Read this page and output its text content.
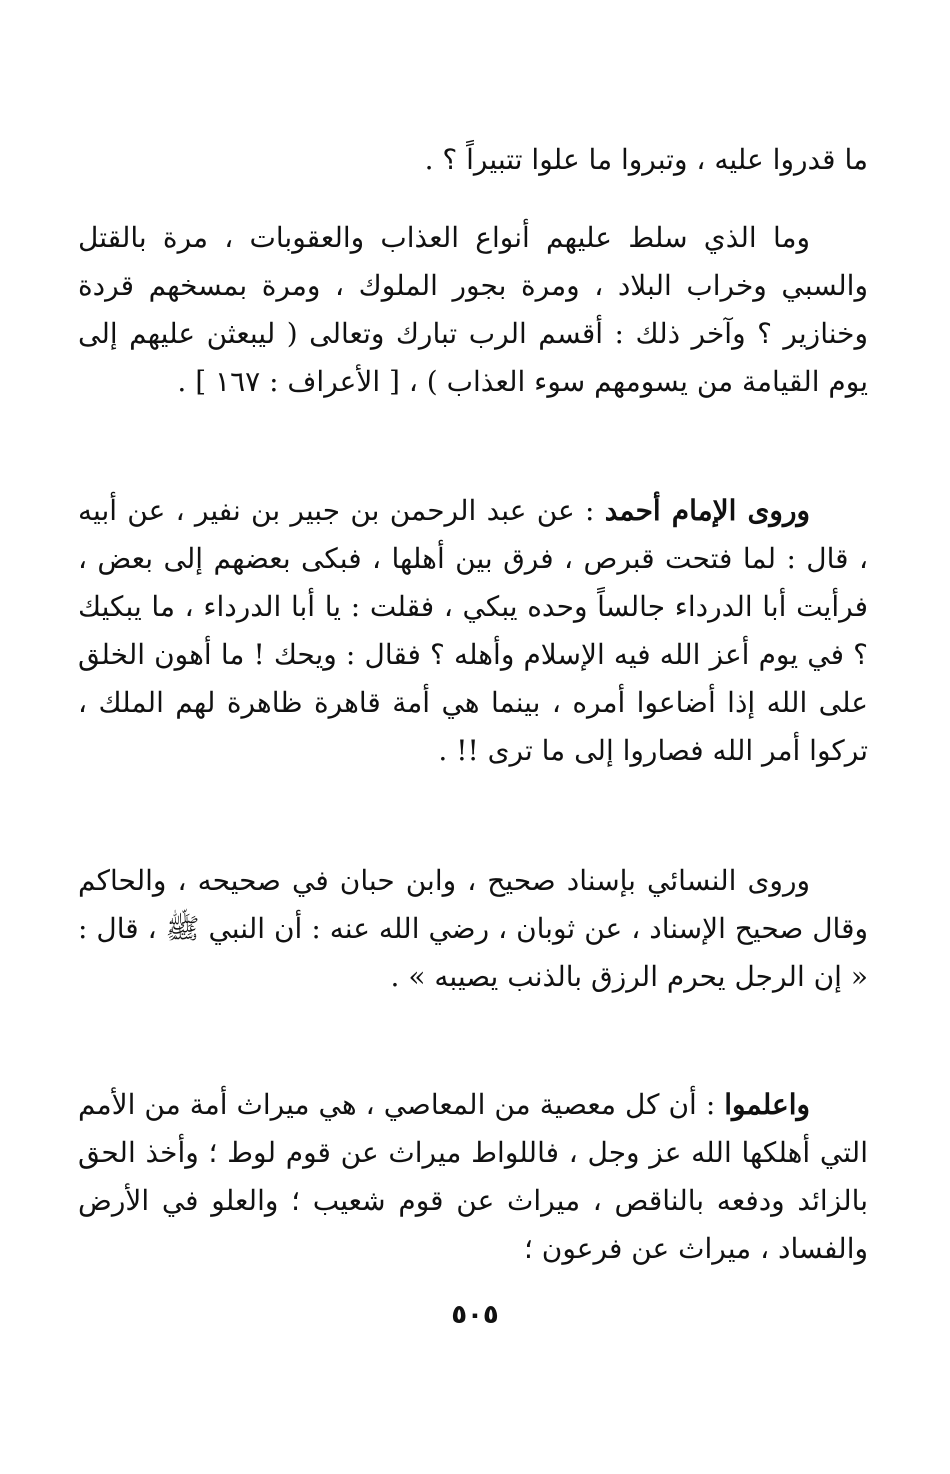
ما قدروا عليه ، وتبروا ما علوا تتبيراً ؟ .
وما الذي سلط عليهم أنواع العذاب والعقوبات ، مرة بالقتل والسبي وخراب البلاد ، ومرة بجور الملوك ، ومرة بمسخهم قردة وخنازير ؟ وآخر ذلك : أقسم الرب تبارك وتعالى ( ليبعثن عليهم إلى يوم القيامة من يسومهم سوء العذاب ) ، [ الأعراف : ١٦٧ ] .
وروى الإمام أحمد : عن عبد الرحمن بن جبير بن نفير ، عن أبيه ، قال : لما فتحت قبرص ، فرق بين أهلها ، فبكى بعضهم إلى بعض ، فرأيت أبا الدرداء جالساً وحده يبكي ، فقلت : يا أبا الدرداء ، ما يبكيك ؟ في يوم أعز الله فيه الإسلام وأهله ؟ فقال : ويحك ! ما أهون الخلق على الله إذا أضاعوا أمره ، بينما هي أمة قاهرة ظاهرة لهم الملك ، تركوا أمر الله فصاروا إلى ما ترى !! .
وروى النسائي بإسناد صحيح ، وابن حبان في صحيحه ، والحاكم وقال صحيح الإسناد ، عن ثوبان ، رضي الله عنه : أن النبي ﷺ ، قال : « إن الرجل يحرم الرزق بالذنب يصيبه » .
واعلموا : أن كل معصية من المعاصي ، هي ميراث أمة من الأمم التي أهلكها الله عز وجل ، فاللواط ميراث عن قوم لوط ؛ وأخذ الحق بالزائد ودفعه بالناقص ، ميراث عن قوم شعيب ؛ والعلو في الأرض والفساد ، ميراث عن فرعون ؛
٥٠٥
